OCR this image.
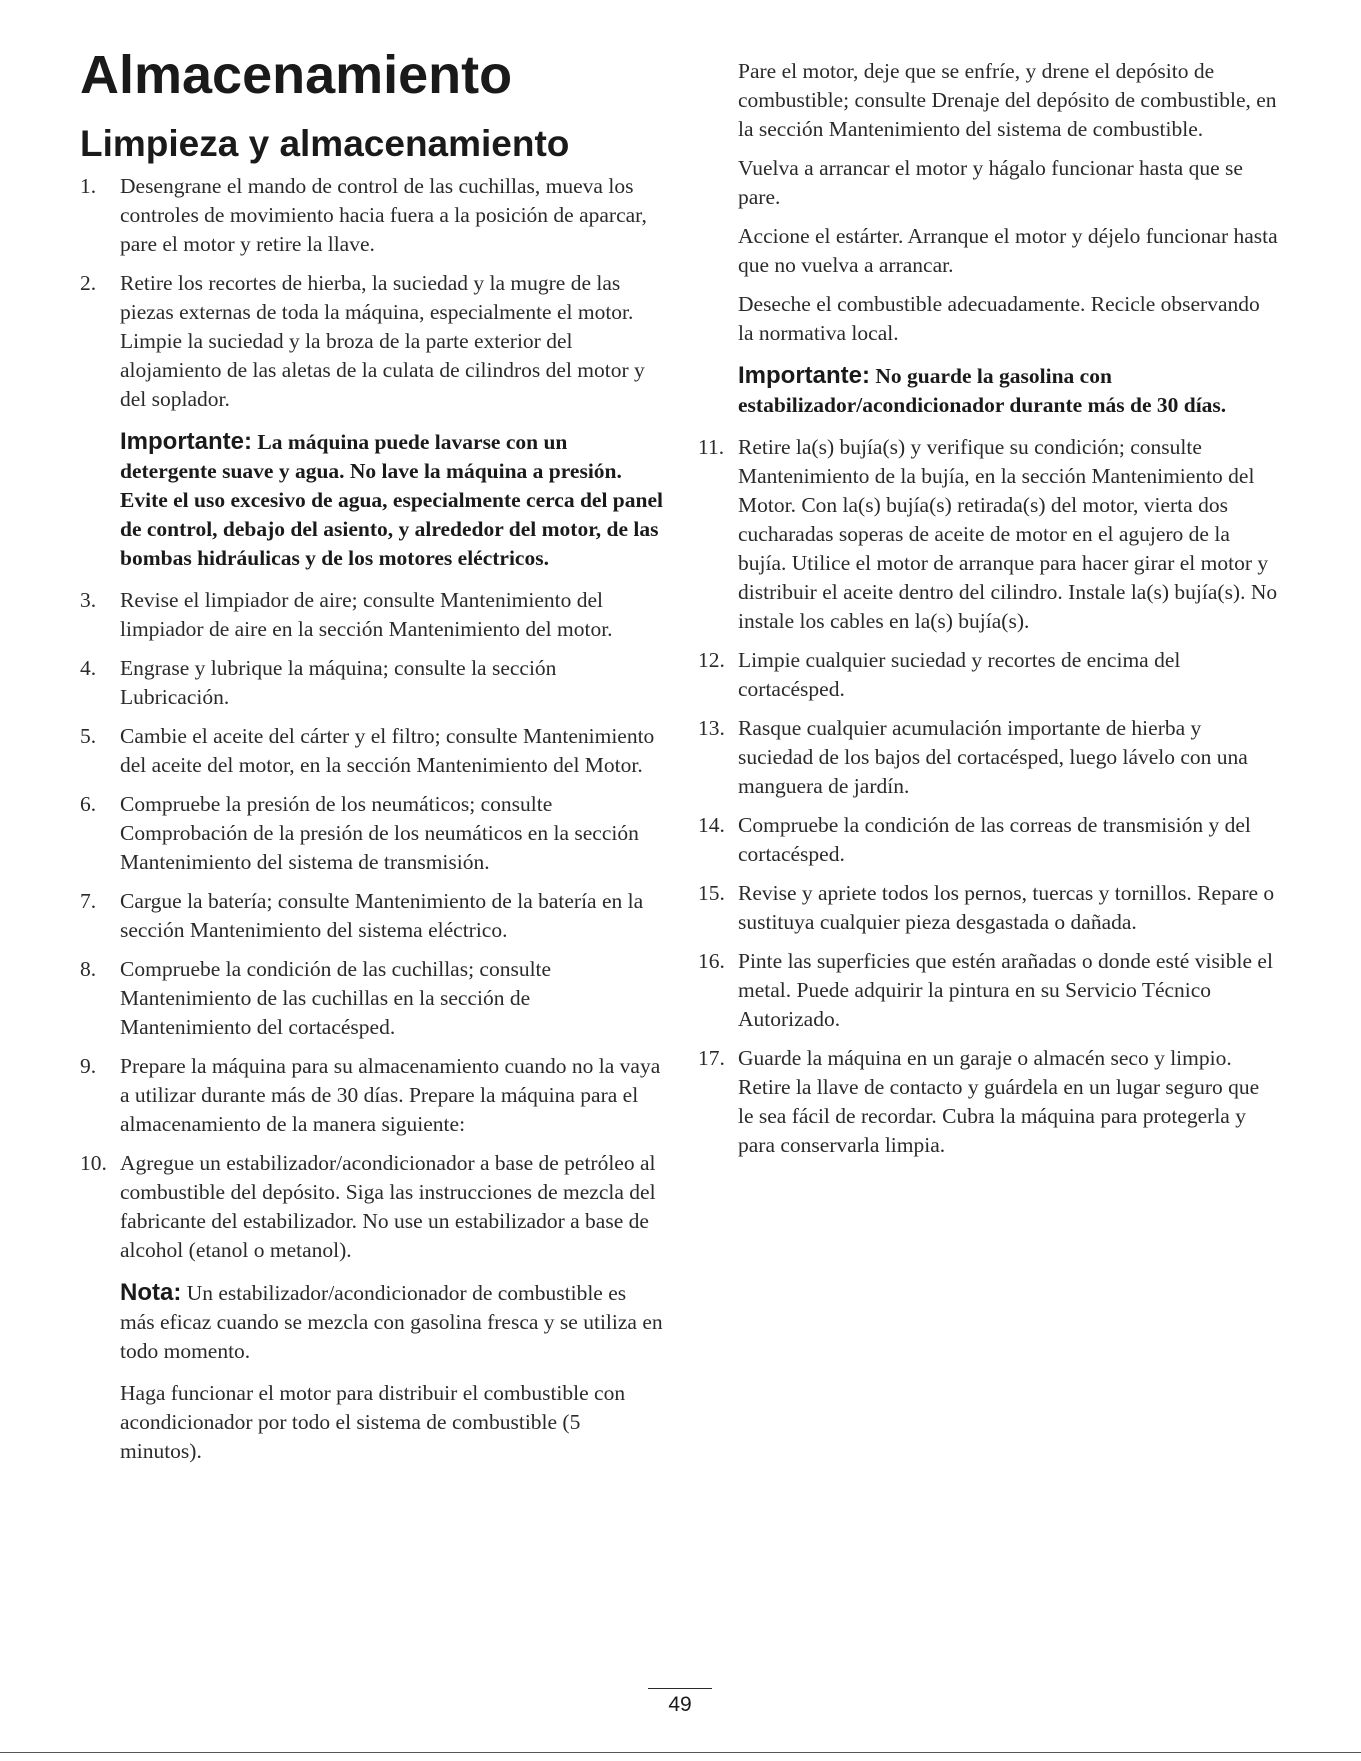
Almacenamiento
Limpieza y almacenamiento
1. Desengrane el mando de control de las cuchillas, mueva los controles de movimiento hacia fuera a la posición de aparcar, pare el motor y retire la llave.
2. Retire los recortes de hierba, la suciedad y la mugre de las piezas externas de toda la máquina, especialmente el motor. Limpie la suciedad y la broza de la parte exterior del alojamiento de las aletas de la culata de cilindros del motor y del soplador.

Importante: La máquina puede lavarse con un detergente suave y agua. No lave la máquina a presión. Evite el uso excesivo de agua, especialmente cerca del panel de control, debajo del asiento, y alrededor del motor, de las bombas hidráulicas y de los motores eléctricos.

3. Revise el limpiador de aire; consulte Mantenimiento del limpiador de aire en la sección Mantenimiento del motor.
4. Engrase y lubrique la máquina; consulte la sección Lubricación.
5. Cambie el aceite del cárter y el filtro; consulte Mantenimiento del aceite del motor, en la sección Mantenimiento del Motor.
6. Compruebe la presión de los neumáticos; consulte Comprobación de la presión de los neumáticos en la sección Mantenimiento del sistema de transmisión.
7. Cargue la batería; consulte Mantenimiento de la batería en la sección Mantenimiento del sistema eléctrico.
8. Compruebe la condición de las cuchillas; consulte Mantenimiento de las cuchillas en la sección de Mantenimiento del cortacésped.
9. Prepare la máquina para su almacenamiento cuando no la vaya a utilizar durante más de 30 días. Prepare la máquina para el almacenamiento de la manera siguiente:
10. Agregue un estabilizador/acondicionador a base de petróleo al combustible del depósito. Siga las instrucciones de mezcla del fabricante del estabilizador. No use un estabilizador a base de alcohol (etanol o metanol).

Nota: Un estabilizador/acondicionador de combustible es más eficaz cuando se mezcla con gasolina fresca y se utiliza en todo momento.

Haga funcionar el motor para distribuir el combustible con acondicionador por todo el sistema de combustible (5 minutos).

Pare el motor, deje que se enfríe, y drene el depósito de combustible; consulte Drenaje del depósito de combustible, en la sección Mantenimiento del sistema de combustible.

Vuelva a arrancar el motor y hágalo funcionar hasta que se pare.

Accione el estárter. Arranque el motor y déjelo funcionar hasta que no vuelva a arrancar.

Deseche el combustible adecuadamente. Recicle observando la normativa local.

Importante: No guarde la gasolina con estabilizador/acondicionador durante más de 30 días.

11. Retire la(s) bujía(s) y verifique su condición; consulte Mantenimiento de la bujía, en la sección Mantenimiento del Motor. Con la(s) bujía(s) retirada(s) del motor, vierta dos cucharadas soperas de aceite de motor en el agujero de la bujía. Utilice el motor de arranque para hacer girar el motor y distribuir el aceite dentro del cilindro. Instale la(s) bujía(s). No instale los cables en la(s) bujía(s).
12. Limpie cualquier suciedad y recortes de encima del cortacésped.
13. Rasque cualquier acumulación importante de hierba y suciedad de los bajos del cortacésped, luego lávelo con una manguera de jardín.
14. Compruebe la condición de las correas de transmisión y del cortacésped.
15. Revise y apriete todos los pernos, tuercas y tornillos. Repare o sustituya cualquier pieza desgastada o dañada.
16. Pinte las superficies que estén arañadas o donde esté visible el metal. Puede adquirir la pintura en su Servicio Técnico Autorizado.
17. Guarde la máquina en un garaje o almacén seco y limpio. Retire la llave de contacto y guárdela en un lugar seguro que le sea fácil de recordar. Cubra la máquina para protegerla y para conservarla limpia.
49
